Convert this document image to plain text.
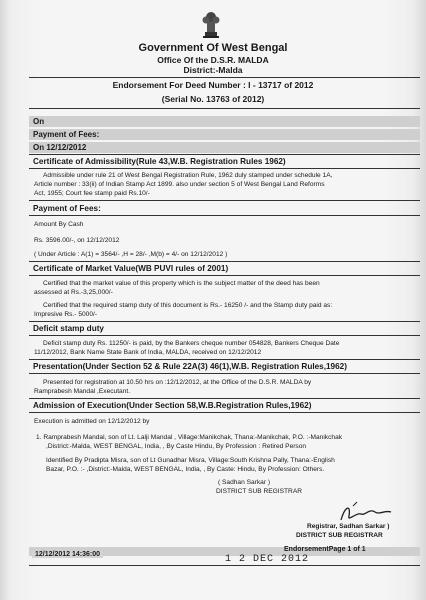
Government Of West Bengal
Office Of the D.S.R. MALDA
District:-Malda
Endorsement For Deed Number : I - 13717 of 2012
(Serial No. 13763 of 2012)
On
Payment of Fees:
On 12/12/2012
Certificate of Admissibility(Rule 43,W.B. Registration Rules 1962)
Admissible under rule 21 of West Bengal Registration Rule, 1962 duly stamped under schedule 1A,
Article number : 33(ii) of Indian Stamp Act 1899. also under section 5 of West Bengal Land Reforms
Act, 1955; Court fee stamp paid Rs.10/-
Payment of Fees:
Amount By Cash
Rs. 3596.00/-, on 12/12/2012
( Under Article : A(1) = 3564/- ,H = 28/- ,M(b) = 4/- on 12/12/2012 )
Certificate of Market Value(WB PUVI rules of 2001)
Certified that the market value of this property which is the subject matter of the deed has been
assessed at Rs.-3,25,000/-
Certified that the required stamp duty of this document is Rs.- 16250 /- and the Stamp duty paid as:
Impresive Rs.- 5000/-
Deficit stamp duty
Deficit stamp duty Rs. 11250/- is paid, by the Bankers cheque number 054828, Bankers Cheque Date
11/12/2012, Bank Name State Bank of India, MALDA, received on 12/12/2012
Presentation(Under Section 52 & Rule 22A(3) 46(1),W.B. Registration Rules,1962)
Presented for registration at 10.50 hrs on :12/12/2012, at the Office of the D.S.R. MALDA by
Ramprabesh Mandal ,Executant.
Admission of Execution(Under Section 58,W.B.Registration Rules,1962)
Execution is admitted on 12/12/2012 by
1. Ramprabesh Mandal, son of Lt. Lalji Mandal , Village:Manikchak, Thana:-Manikchak, P.O. :-Manikchak
,District:-Malda, WEST BENGAL, India, , By Caste Hindu, By Profession : Retired Person
Identified By Pradipta Misra, son of Lt Gunadhar Misra, Village:South Krishna Pally, Thana:-English
Bazar, P.O. :- ,District:-Malda, WEST BENGAL, India, , By Caste: Hindu, By Profession: Others.
( Sadhan Sarkar )
DISTRICT SUB REGISTRAR
Registrar, Sadhan Sarkar )
DISTRICT SUB REGISTRAR
EndorsementPage 1 of 1
12/12/2012 14:36:00	1 2 DEC 2012
